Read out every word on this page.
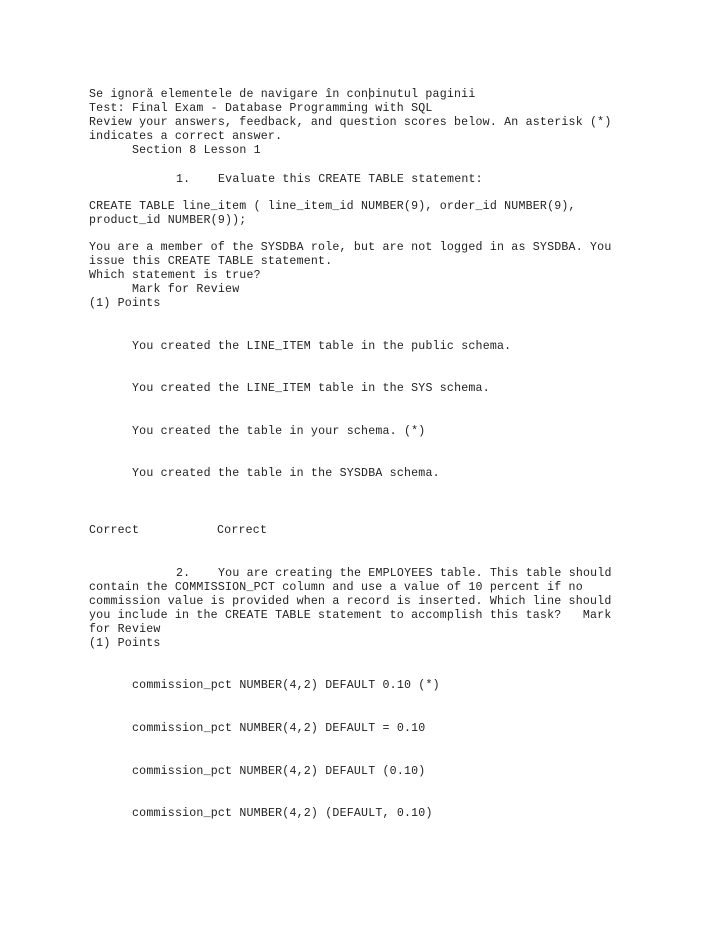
Se ignoră elementele de navigare în conþinutul paginii
Test: Final Exam - Database Programming with SQL
Review your answers, feedback, and question scores below. An asterisk (*)
indicates a correct answer.
Section 8 Lesson 1
1. Evaluate this CREATE TABLE statement:
CREATE TABLE line_item ( line_item_id NUMBER(9), order_id NUMBER(9),
product_id NUMBER(9));
You are a member of the SYSDBA role, but are not logged in as SYSDBA. You
issue this CREATE TABLE statement.
Which statement is true?
Mark for Review
(1) Points
You created the LINE_ITEM table in the public schema.
You created the LINE_ITEM table in the SYS schema.
You created the table in your schema. (*)
You created the table in the SYSDBA schema.
Correct	Correct
2. You are creating the EMPLOYEES table. This table should
contain the COMMISSION_PCT column and use a value of 10 percent if no
commission value is provided when a record is inserted. Which line should
you include in the CREATE TABLE statement to accomplish this task?   Mark
for Review
(1) Points
commission_pct NUMBER(4,2) DEFAULT 0.10 (*)
commission_pct NUMBER(4,2) DEFAULT = 0.10
commission_pct NUMBER(4,2) DEFAULT (0.10)
commission_pct NUMBER(4,2) (DEFAULT, 0.10)
